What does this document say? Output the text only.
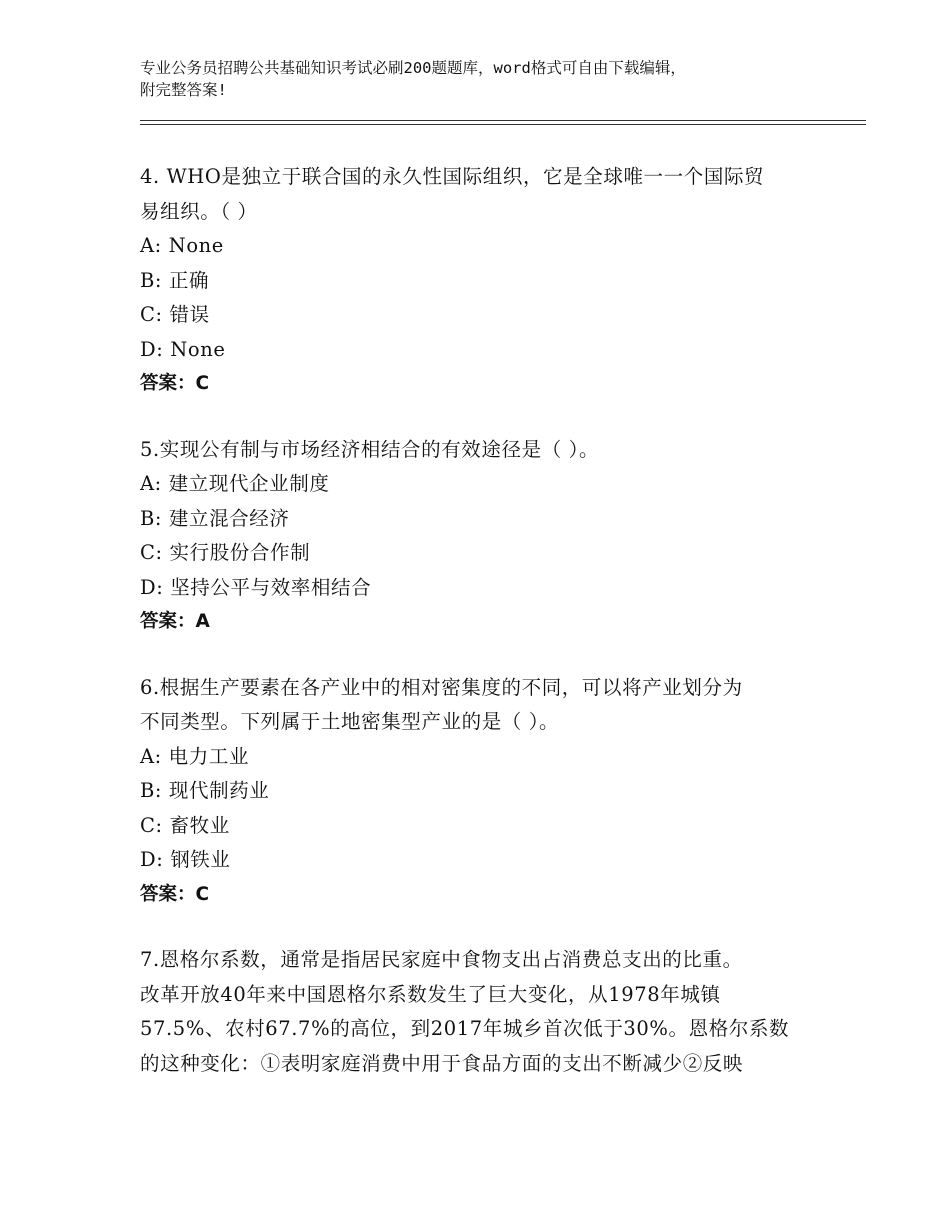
专业公务员招聘公共基础知识考试必刷200题题库，word格式可自由下载编辑，
附完整答案!
4. WHO是独立于联合国的永久性国际组织，它是全球唯一一个国际贸
易组织。（ ）
A: None
B: 正确
C: 错误
D: None
答案：C
5.实现公有制与市场经济相结合的有效途径是（ ）。
A: 建立现代企业制度
B: 建立混合经济
C: 实行股份合作制
D: 坚持公平与效率相结合
答案：A
6.根据生产要素在各产业中的相对密集度的不同，可以将产业划分为
不同类型。下列属于土地密集型产业的是（ ）。
A: 电力工业
B: 现代制药业
C: 畜牧业
D: 钢铁业
答案：C
7.恩格尔系数，通常是指居民家庭中食物支出占消费总支出的比重。
改革开放40年来中国恩格尔系数发生了巨大变化，从1978年城镇
57.5%、农村67.7%的高位，到2017年城乡首次低于30%。恩格尔系数
的这种变化：①表明家庭消费中用于食品方面的支出不断减少②反映
